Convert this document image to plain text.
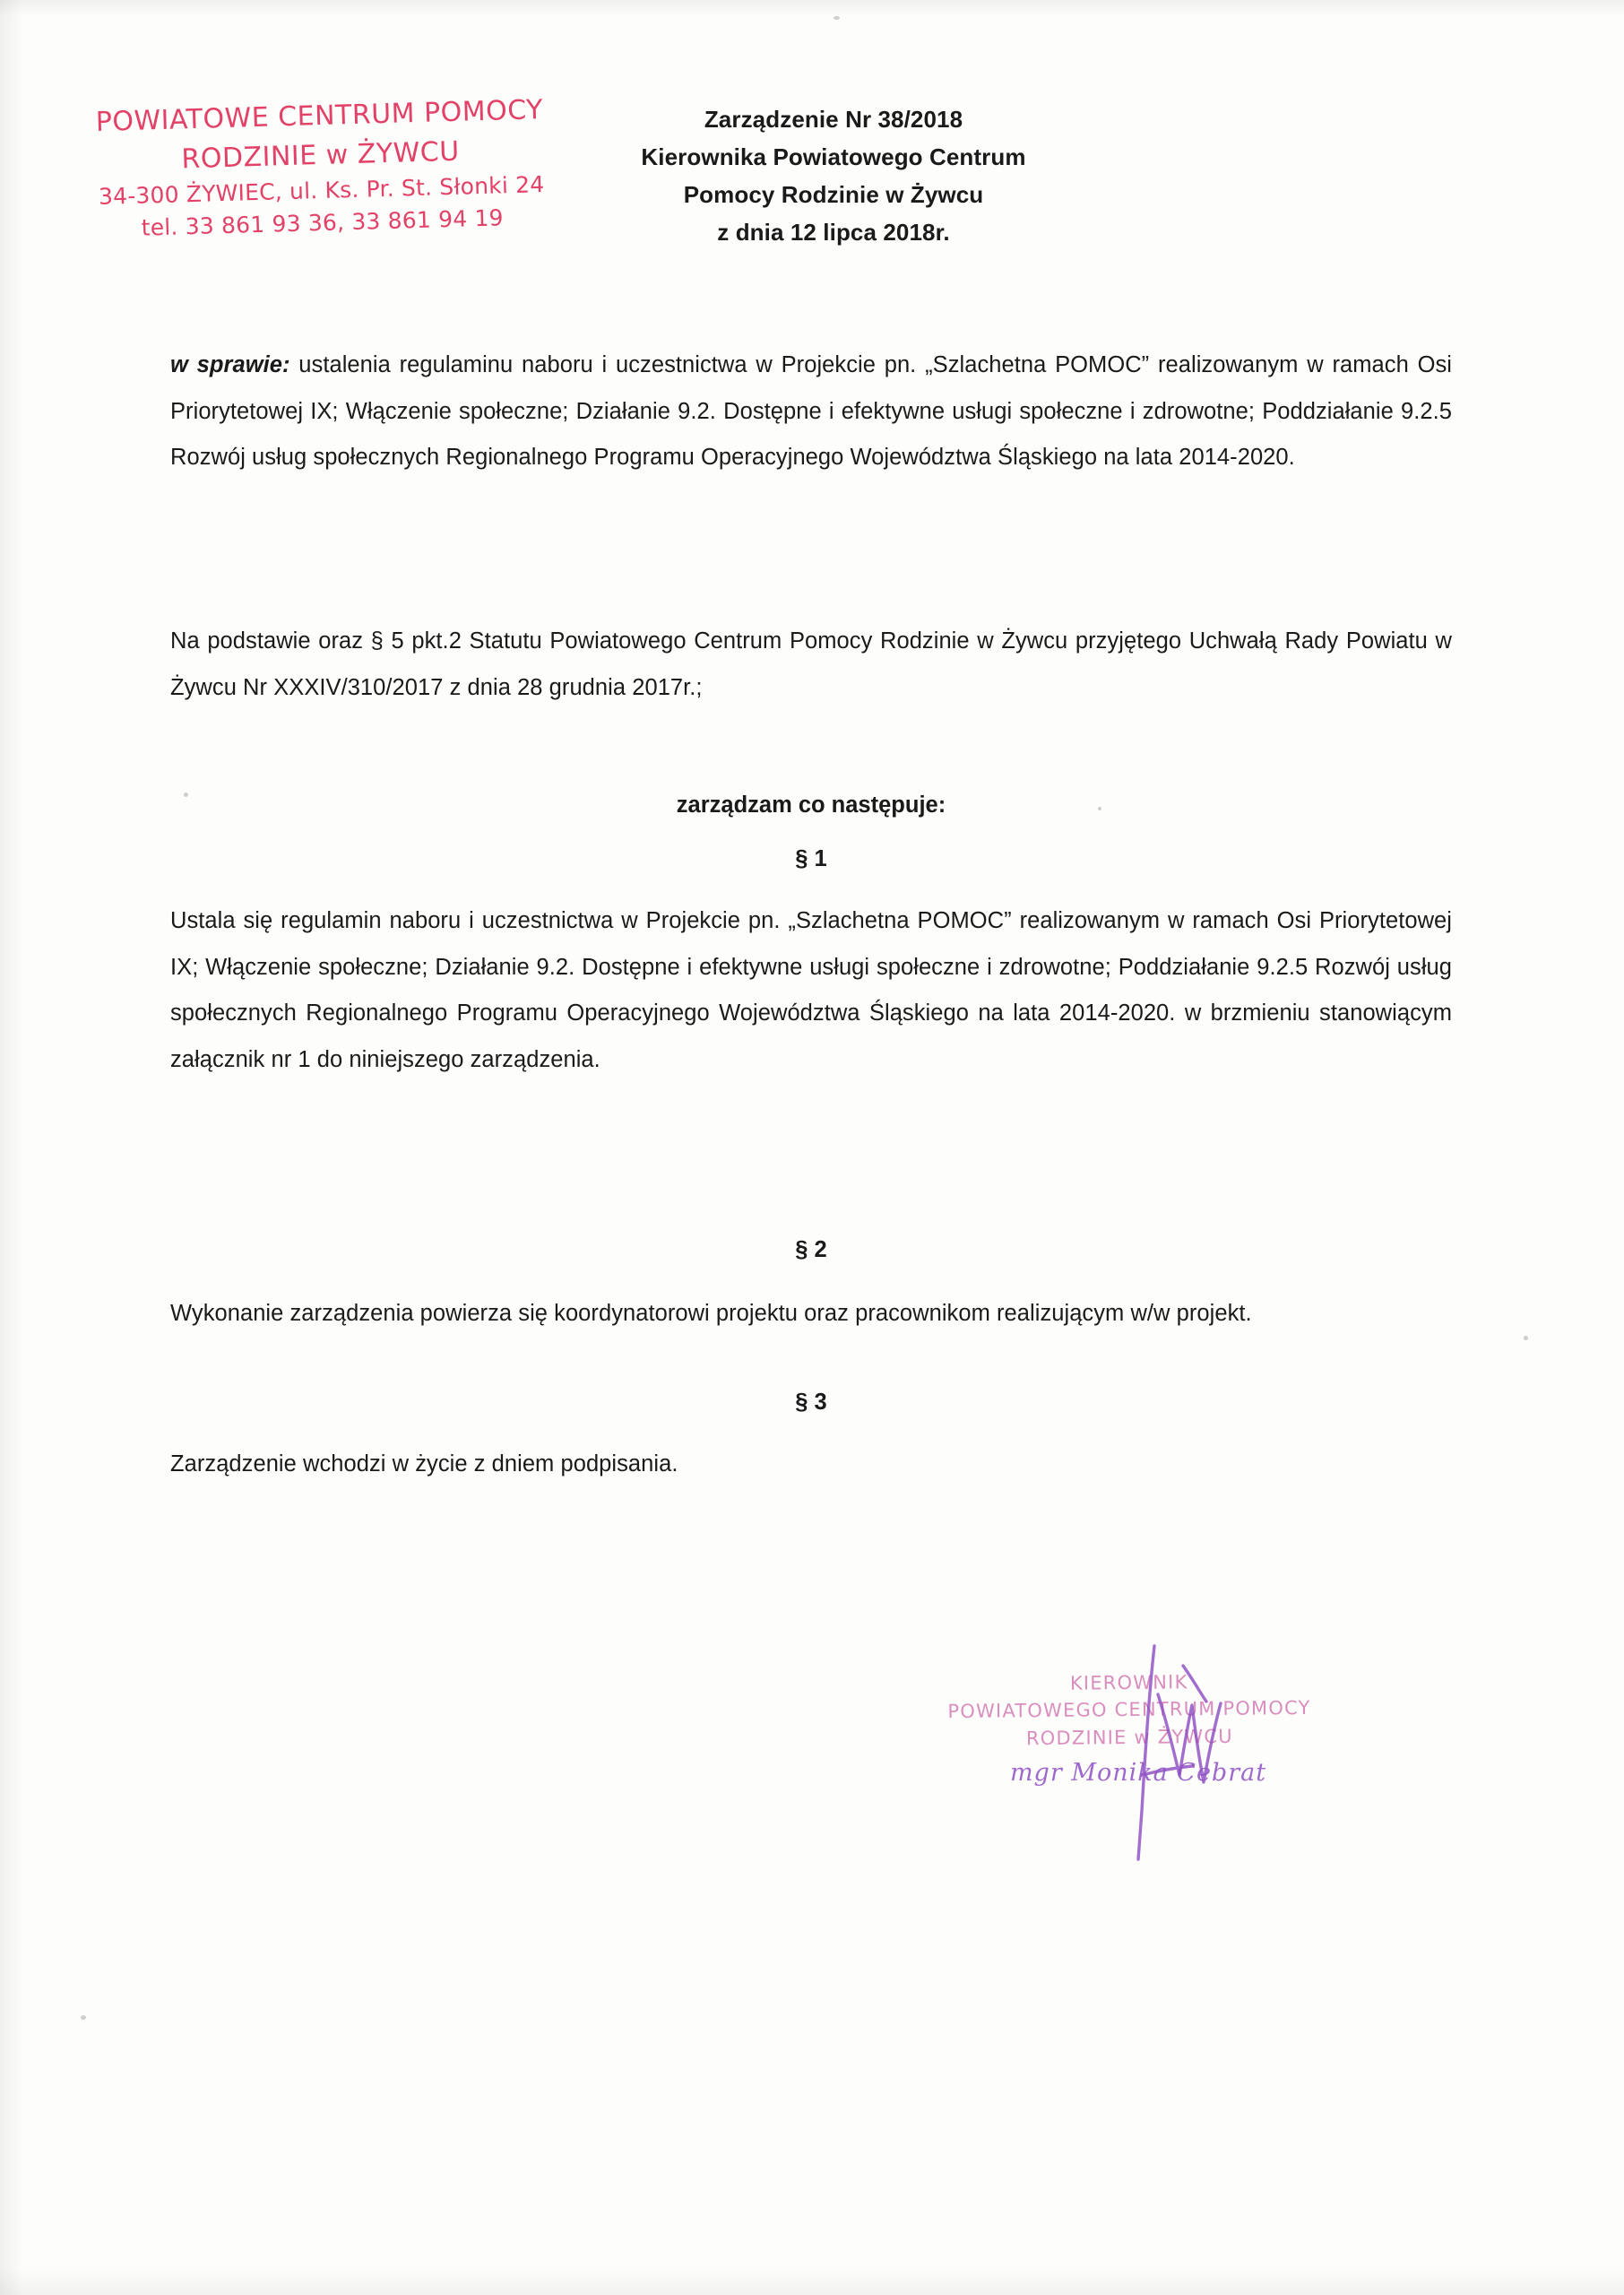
POWIATOWE CENTRUM POMOCY
RODZINIE w ŻYWCU
34-300 ŻYWIEC, ul. Ks. Pr. St. Słonki 24
tel. 33 861 93 36, 33 861 94 19
Zarządzenie Nr 38/2018
Kierownika Powiatowego Centrum
Pomocy Rodzinie w Żywcu
z dnia 12 lipca 2018r.
w sprawie: ustalenia regulaminu naboru i uczestnictwa w Projekcie pn. „Szlachetna POMOC” realizowanym w ramach Osi Priorytetowej IX; Włączenie społeczne; Działanie 9.2. Dostępne i efektywne usługi społeczne i zdrowotne; Poddziałanie 9.2.5 Rozwój usług społecznych Regionalnego Programu Operacyjnego Województwa Śląskiego na lata 2014-2020.
Na podstawie oraz § 5 pkt.2 Statutu Powiatowego Centrum Pomocy Rodzinie w Żywcu przyjętego Uchwałą Rady Powiatu w Żywcu Nr XXXIV/310/2017 z dnia 28 grudnia 2017r.;
zarządzam co następuje:
§ 1
Ustala się regulamin naboru i uczestnictwa w Projekcie pn. „Szlachetna POMOC” realizowanym w ramach Osi Priorytetowej IX; Włączenie społeczne; Działanie 9.2. Dostępne i efektywne usługi społeczne i zdrowotne; Poddziałanie 9.2.5 Rozwój usług społecznych Regionalnego Programu Operacyjnego Województwa Śląskiego na lata 2014-2020. w brzmieniu stanowiącym załącznik nr 1 do niniejszego zarządzenia.
§ 2
Wykonanie zarządzenia powierza się koordynatorowi projektu oraz pracownikom realizującym w/w projekt.
§ 3
Zarządzenie wchodzi w życie z dniem podpisania.
KIEROWNIK
POWIATOWEGO CENTRUM POMOCY
RODZINIE w ŻYWCU
mgr Monika Cebrat
